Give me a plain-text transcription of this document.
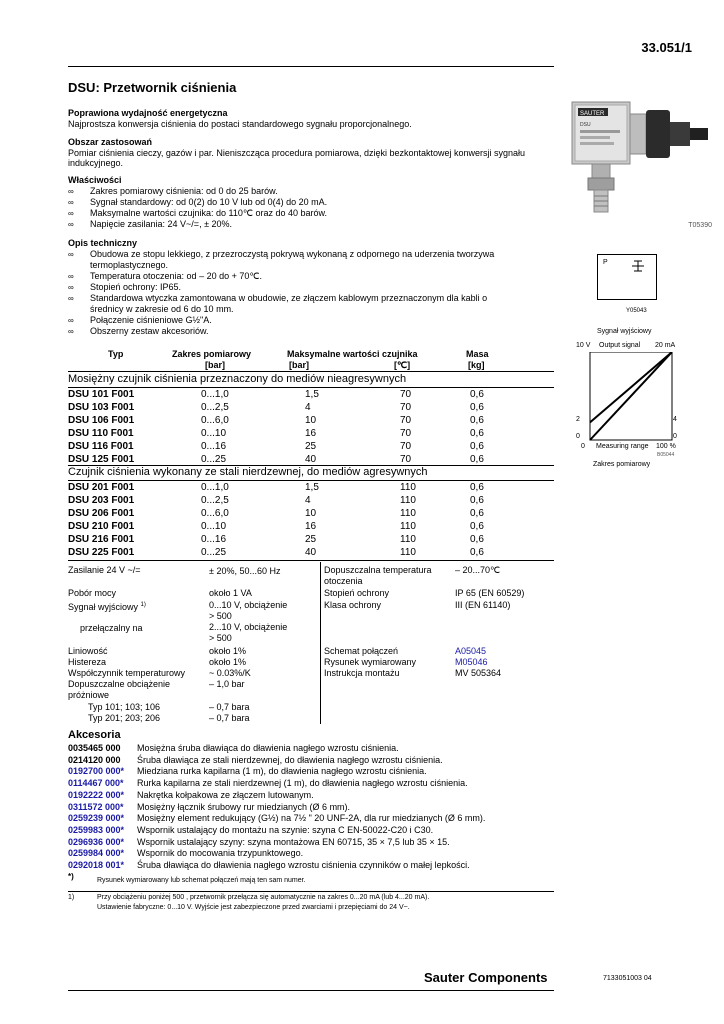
33.051/1
DSU: Przetwornik ciśnienia
Poprawiona wydajność energetyczna
Najprostsza konwersja ciśnienia do postaci standardowego sygnału proporcjonalnego.
Obszar zastosowań
Pomiar ciśnienia cieczy, gazów i par. Nieniszcząca procedura pomiarowa, dzięki bezkontaktowej konwersji sygnału
indukcyjnego.
Właściwości
∞	Zakres pomiarowy ciśnienia: od 0 do 25 barów.
∞	Sygnał standardowy: od 0(2) do 10 V lub od 0(4) do 20 mA.
∞	Maksymalne wartości czujnika: do 110℃ oraz do 40 barów.
∞	Napięcie zasilania: 24 V~/=, ± 20%.
Opis techniczny
∞	Obudowa ze stopu lekkiego, z przezroczystą pokrywą wykonaną z odpornego na uderzenia tworzywa
termoplastycznego.
∞	Temperatura otoczenia: od – 20 do + 70℃.
∞	Stopień ochrony: IP65.
∞	Standardowa wtyczka zamontowana w obudowie, ze złączem kablowym przeznaczonym dla kabli o
średnicy w zakresie od 6 do 10 mm.
∞	Połączenie ciśnieniowe G½"A.
∞	Obszerny zestaw akcesoriów.
SAUTER
DSU
T05390
P
Y05043
Sygnał wyjściowy
10 V Output signal 20 mA
2	4
0	0
0 Measuring range 100 %
B05044
Zakres pomiarowy
Typ	Zakres pomiarowy
[bar]
Maksymalne wartości czujnika
[bar]	[℃]
Masa
[kg]
Mosiężny czujnik ciśnienia przeznaczony do mediów nieagresywnych
DSU 101 F001	0...1,0	1,5	70	0,6
DSU 103 F001	0...2,5	4	70	0,6
DSU 106 F001	0...6,0	10	70	0,6
DSU 110 F001	0...10	16	70	0,6
DSU 116 F001	0...16	25	70	0,6
DSU 125 F001	0...25	40	70	0,6
Czujnik ciśnienia wykonany ze stali nierdzewnej, do mediów agresywnych
DSU 201 F001	0...1,0	1,5	110	0,6
DSU 203 F001	0...2,5	4	110	0,6
DSU 206 F001	0...6,0	10	110	0,6
DSU 210 F001	0...10	16	110	0,6
DSU 216 F001	0...16	25	110	0,6
DSU 225 F001	0...25	40	110	0,6
Zasilanie 24 V ~/=	± 20%, 50...60 Hz
Pobór mocy	około 1 VA
Sygnał wyjściowy $^{1)}$	0...10 V, obciążenie
> 500
przełączalny na	2...10 V, obciążenie
> 500
Liniowość	około 1%
Histereza	około 1%
Współczynnik temperaturowy	~ 0.03%/K
Dopuszczalne obciążenie	– 1,0 bar
próżniowe
Typ 101; 103; 106	– 0,7 bara
Typ 201; 203; 206	– 0,7 bara
Dopuszczalna temperatura
otoczenia
– 20...70℃
Stopień ochrony	IP 65 (EN 60529)
Klasa ochrony	III (EN 61140)
Schemat połączeń	A05045
Rysunek wymiarowany	M05046
Instrukcja montażu	MV 505364
Akcesoria
0035465 000 Mosiężna śruba dławiąca do dławienia nagłego wzrostu ciśnienia.
0214120 000 Śruba dławiąca ze stali nierdzewnej, do dławienia nagłego wzrostu ciśnienia.
0192700 000* Miedziana rurka kapilarna (1 m), do dławienia nagłego wzrostu ciśnienia.
0114467 000* Rurka kapilarna ze stali nierdzewnej (1 m), do dławienia nagłego wzrostu ciśnienia.
0192222 000* Nakrętka kołpakowa ze złączem lutowanym.
0311572 000* Mosiężny łącznik śrubowy rur miedzianych (Ø 6 mm).
0259239 000* Mosiężny element redukujący (G½) na 7½ " 20 UNF-2A, dla rur miedzianych (Ø 6 mm).
0259983 000* Wspornik ustalający do montażu na szynie: szyna C EN-50022-C20 i C30.
0296936 000* Wspornik ustalający szyny: szyna montażowa EN 60715, 35 × 7,5 lub 35 × 15.
0259984 000* Wspornik do mocowania trzypunktowego.
0292018 001* Śruba dławiąca do dławienia nagłego wzrostu ciśnienia czynników o małej lepkości.
*)	Rysunek wymiarowany lub schemat połączeń mają ten sam numer.
1)	Przy obciążeniu poniżej 500 , przetwornik przełącza się automatycznie na zakres 0...20 mA (lub 4...20 mA).
Ustawienie fabryczne: 0...10 V. Wyjście jest zabezpieczone przed zwarciami i przepięciami do 24 V~.
Sauter Components	7133051003 04
